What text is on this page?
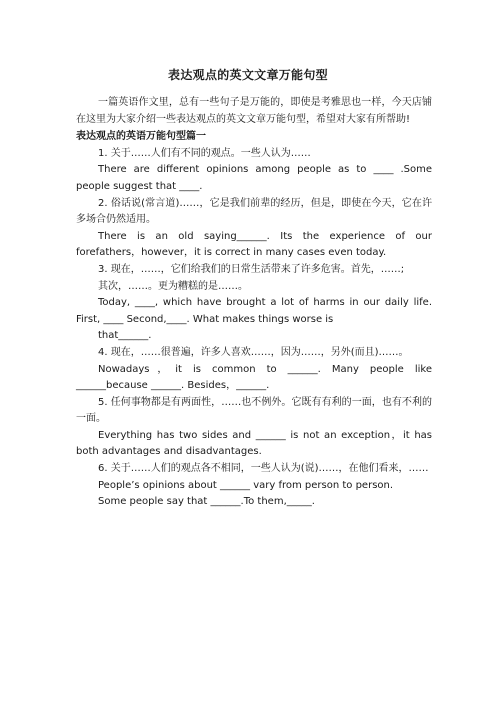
表达观点的英文文章万能句型

一篇英语作文里，总有一些句子是万能的，即使是考雅思也一样，今天店铺在这里为大家介绍一些表达观点的英文文章万能句型，希望对大家有所帮助!

表达观点的英语万能句型篇一

1. 关于……人们有不同的观点。一些人认为……

There are different opinions among people as to ____ .Some people suggest that ____.

2. 俗话说(常言道)……，它是我们前辈的经历，但是，即使在今天，它在许多场合仍然适用。

There is an old saying______. Its the experience of our forefathers，however，it is correct in many cases even today.

3. 现在，……，它们给我们的日常生活带来了许多危害。首先，……;

其次，……。更为糟糕的是……。

Today, ____, which have brought a lot of harms in our daily life. First, ____ Second,____. What makes things worse is

that______.

4. 现在，……很普遍，许多人喜欢……，因为……，另外(而且)……。

Nowadays，it is common to ______. Many people like ______because ______. Besides，______.

5. 任何事物都是有两面性，……也不例外。它既有有利的一面，也有不利的一面。

Everything has two sides and ______ is not an exception，it has both advantages and disadvantages.

6. 关于……人们的观点各不相同，一些人认为(说)……，在他们看来，……

People’s opinions about ______ vary from person to person.

Some people say that ______.To them,_____.
